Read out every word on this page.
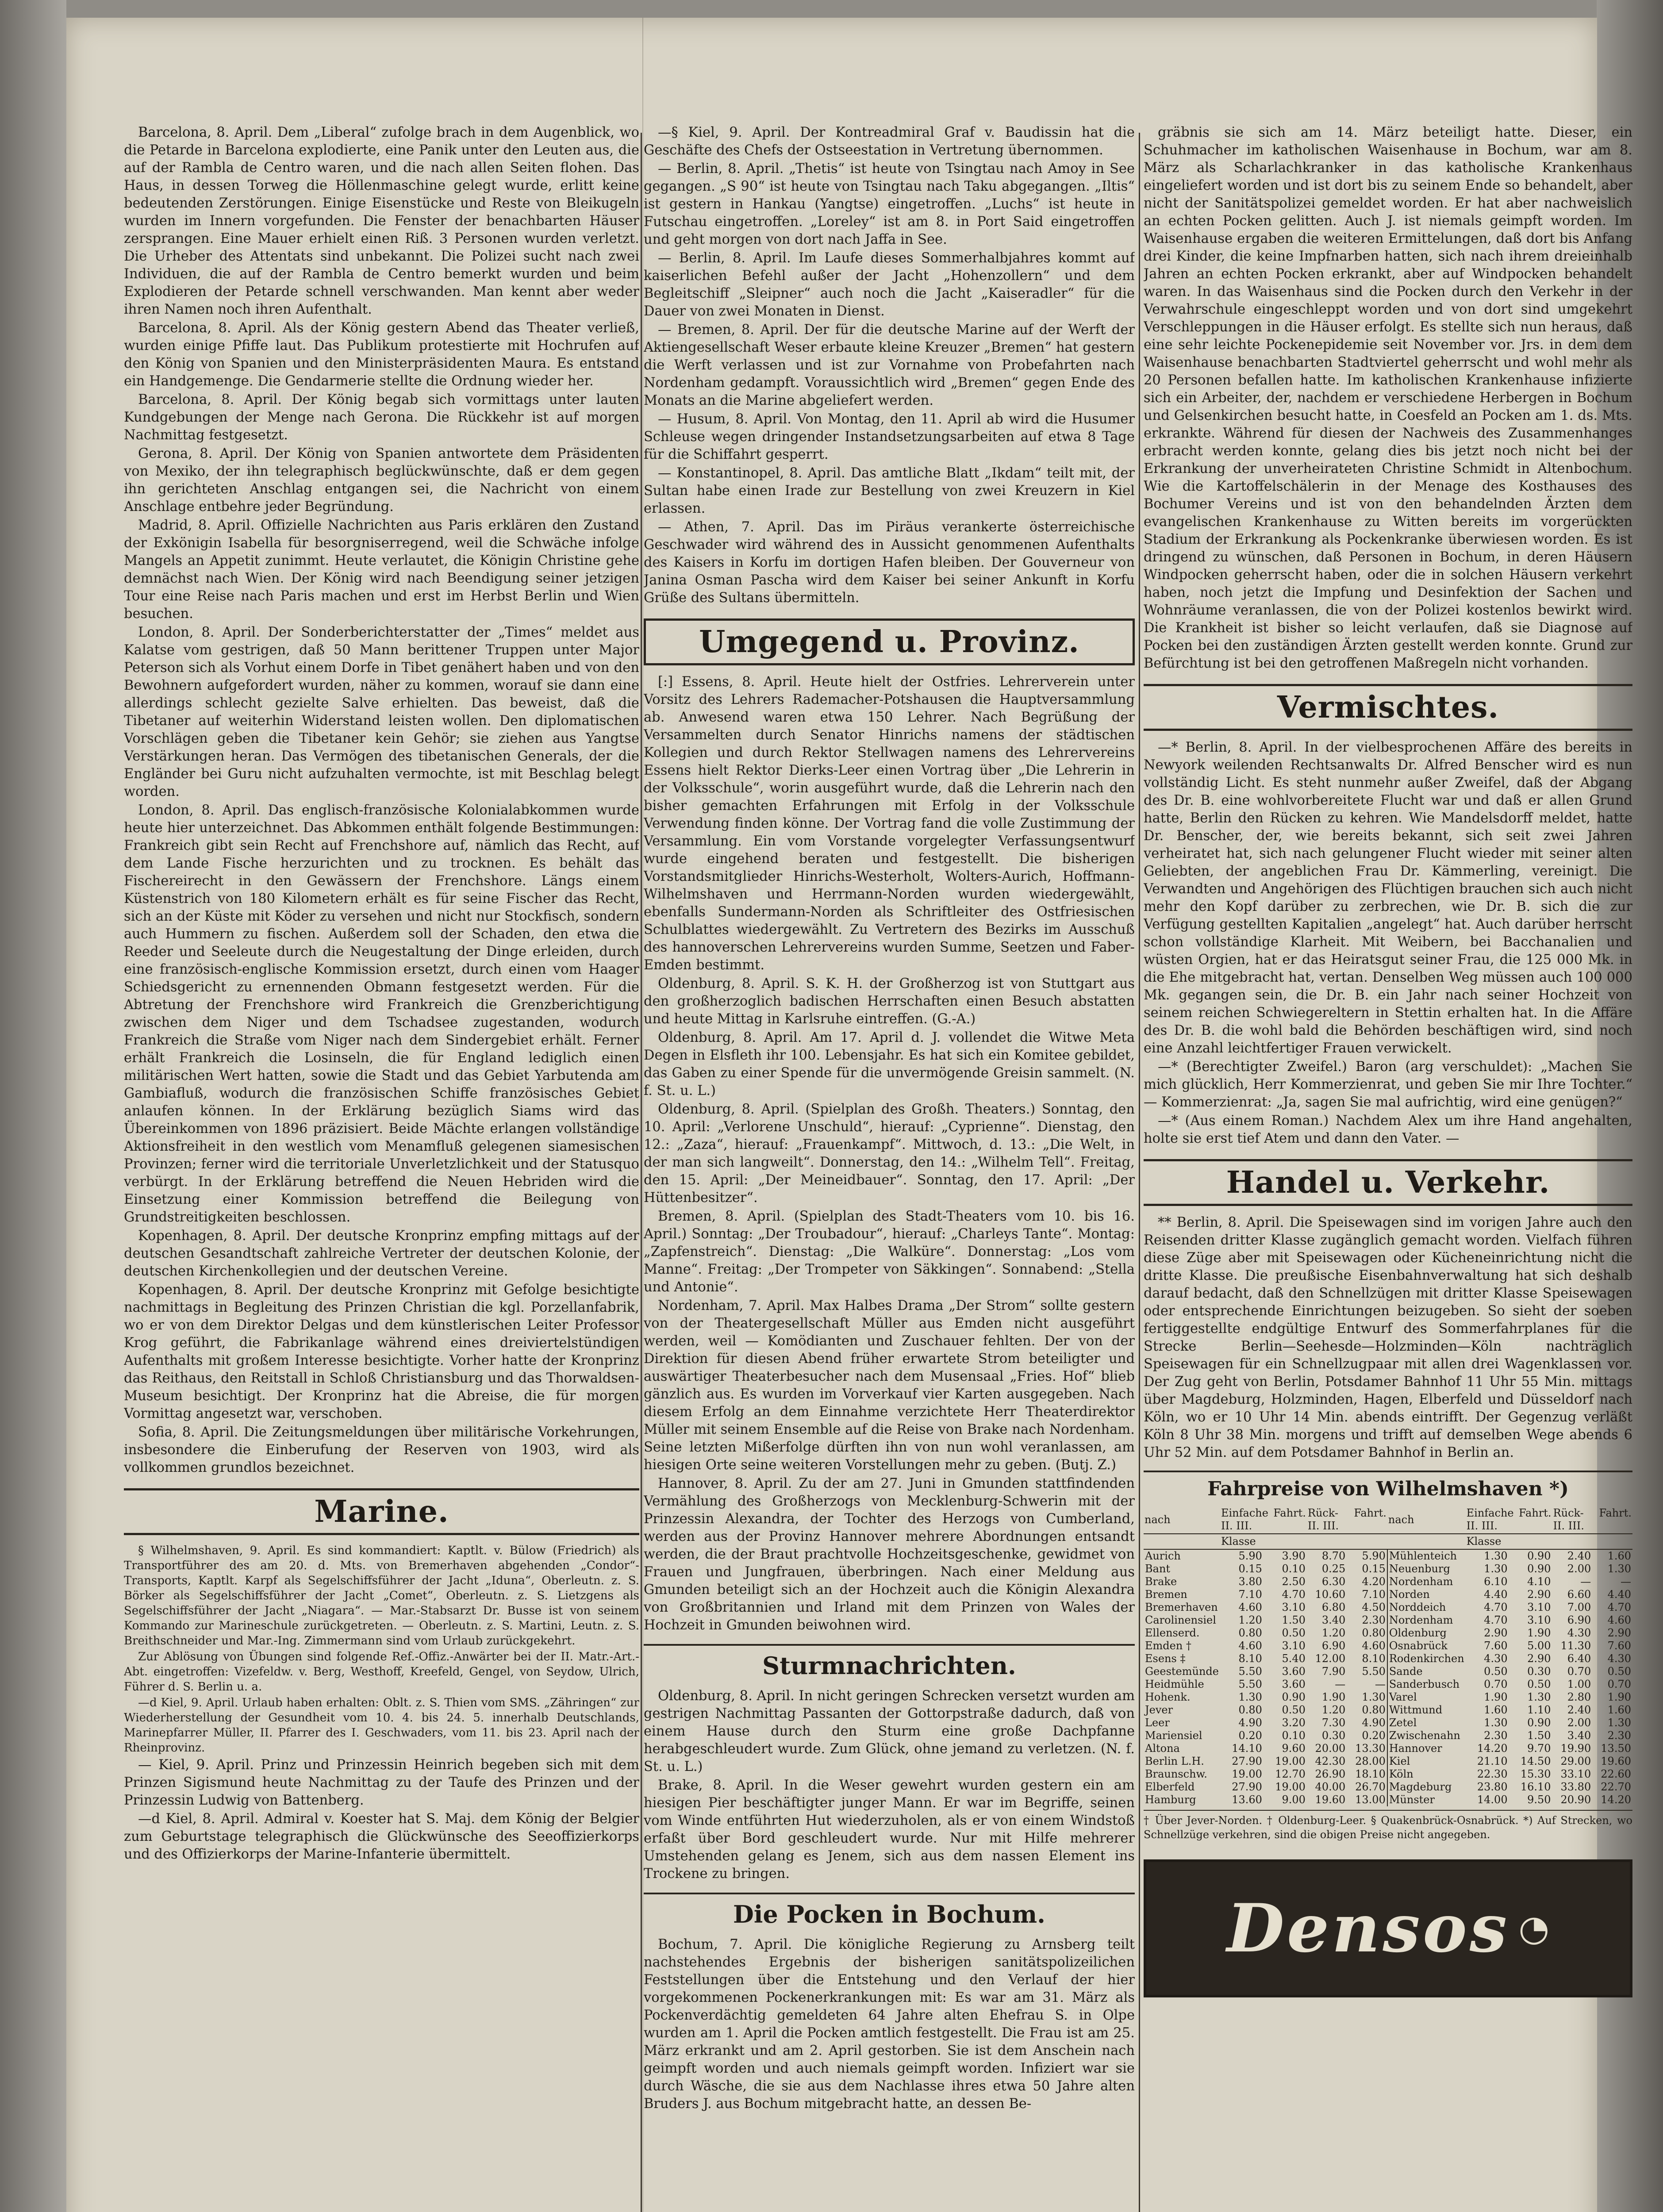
Barcelona, 8. April. Dem „Liberal“ zufolge brach in dem Augenblick, wo die Petarde in Barcelona explodierte, eine Panik unter den Leuten aus, die auf der Rambla de Centro waren, und die nach allen Seiten flohen. Das Haus, in dessen Torweg die Höllenmaschine gelegt wurde, erlitt keine bedeutenden Zerstörungen. Einige Eisenstücke und Reste von Bleikugeln wurden im Innern vorgefunden. Die Fenster der benachbarten Häuser zersprangen. Eine Mauer erhielt einen Riß. 3 Personen wurden verletzt. Die Urheber des Attentats sind unbekannt. Die Polizei sucht nach zwei Individuen, die auf der Rambla de Centro bemerkt wurden und beim Explodieren der Petarde schnell verschwanden. Man kennt aber weder ihren Namen noch ihren Aufenthalt.

Barcelona, 8. April. Als der König gestern Abend das Theater verließ, wurden einige Pfiffe laut. Das Publikum protestierte mit Hochrufen auf den König von Spanien und den Ministerpräsidenten Maura. Es entstand ein Handgemenge. Die Gendarmerie stellte die Ordnung wieder her.

Barcelona, 8. April. Der König begab sich vormittags unter lauten Kundgebungen der Menge nach Gerona. Die Rückkehr ist auf morgen Nachmittag festgesetzt.

Gerona, 8. April. Der König von Spanien antwortete dem Präsidenten von Mexiko, der ihn telegraphisch beglückwünschte, daß er dem gegen ihn gerichteten Anschlag entgangen sei, die Nachricht von einem Anschlage entbehre jeder Begründung.

Madrid, 8. April. Offizielle Nachrichten aus Paris erklären den Zustand der Exkönigin Isabella für besorgniserregend, weil die Schwäche infolge Mangels an Appetit zunimmt. Heute verlautet, die Königin Christine gehe demnächst nach Wien. Der König wird nach Beendigung seiner jetzigen Tour eine Reise nach Paris machen und erst im Herbst Berlin und Wien besuchen.

London, 8. April. Der Sonderberichterstatter der „Times“ meldet aus Kalatse vom gestrigen, daß 50 Mann berittener Truppen unter Major Peterson sich als Vorhut einem Dorfe in Tibet genähert haben und von den Bewohnern aufgefordert wurden, näher zu kommen, worauf sie dann eine allerdings schlecht gezielte Salve erhielten. Das beweist, daß die Tibetaner auf weiterhin Widerstand leisten wollen. Den diplomatischen Vorschlägen geben die Tibetaner kein Gehör; sie ziehen aus Yangtse Verstärkungen heran. Das Vermögen des tibetanischen Generals, der die Engländer bei Guru nicht aufzuhalten vermochte, ist mit Beschlag belegt worden.

London, 8. April. Das englisch-französische Kolonialabkommen wurde heute hier unterzeichnet. Das Abkommen enthält folgende Bestimmungen: Frankreich gibt sein Recht auf Frenchshore auf, nämlich das Recht, auf dem Lande Fische herzurichten und zu trocknen. Es behält das Fischereirecht in den Gewässern der Frenchshore. Längs einem Küstenstrich von 180 Kilometern erhält es für seine Fischer das Recht, sich an der Küste mit Köder zu versehen und nicht nur Stockfisch, sondern auch Hummern zu fischen. Außerdem soll der Schaden, den etwa die Reeder und Seeleute durch die Neugestaltung der Dinge erleiden, durch eine französisch-englische Kommission ersetzt, durch einen vom Haager Schiedsgericht zu ernennenden Obmann festgesetzt werden. Für die Abtretung der Frenchshore wird Frankreich die Grenzberichtigung zwischen dem Niger und dem Tschadsee zugestanden, wodurch Frankreich die Straße vom Niger nach dem Sindergebiet erhält. Ferner erhält Frankreich die Losinseln, die für England lediglich einen militärischen Wert hatten, sowie die Stadt und das Gebiet Yarbutenda am Gambiafluß, wodurch die französischen Schiffe französisches Gebiet anlaufen können. In der Erklärung bezüglich Siams wird das Übereinkommen von 1896 präzisiert. Beide Mächte erlangen vollständige Aktionsfreiheit in den westlich vom Menamfluß gelegenen siamesischen Provinzen; ferner wird die territoriale Unverletzlichkeit und der Statusquo verbürgt. In der Erklärung betreffend die Neuen Hebriden wird die Einsetzung einer Kommission betreffend die Beilegung von Grundstreitigkeiten beschlossen.

Kopenhagen, 8. April. Der deutsche Kronprinz empfing mittags auf der deutschen Gesandtschaft zahlreiche Vertreter der deutschen Kolonie, der deutschen Kirchenkollegien und der deutschen Vereine.

Kopenhagen, 8. April. Der deutsche Kronprinz mit Gefolge besichtigte nachmittags in Begleitung des Prinzen Christian die kgl. Porzellanfabrik, wo er von dem Direktor Delgas und dem künstlerischen Leiter Professor Krog geführt, die Fabrikanlage während eines dreiviertelstündigen Aufenthalts mit großem Interesse besichtigte. Vorher hatte der Kronprinz das Reithaus, den Reitstall in Schloß Christiansburg und das Thorwaldsen-Museum besichtigt. Der Kronprinz hat die Abreise, die für morgen Vormittag angesetzt war, verschoben.

Sofia, 8. April. Die Zeitungsmeldungen über militärische Vorkehrungen, insbesondere die Einberufung der Reserven von 1903, wird als vollkommen grundlos bezeichnet.

Marine.

§ Wilhelmshaven, 9. April. Es sind kommandiert: Kaptlt. v. Bülow (Friedrich) als Transportführer des am 20. d. Mts. von Bremerhaven abgehenden „Condor“-Transports, Kaptlt. Karpf als Segelschiffsführer der Jacht „Iduna“, Oberleutn. z. S. Börker als Segelschiffsführer der Jacht „Comet“, Oberleutn. z. S. Lietzgens als Segelschiffsführer der Jacht „Niagara“. — Mar.-Stabsarzt Dr. Busse ist von seinem Kommando zur Marineschule zurückgetreten. — Oberleutn. z. S. Martini, Leutn. z. S. Breithschneider und Mar.-Ing. Zimmermann sind vom Urlaub zurückgekehrt.

Zur Ablösung von Übungen sind folgende Ref.-Offiz.-Anwärter bei der II. Matr.-Art.-Abt. eingetroffen: Vizefeldw. v. Berg, Westhoff, Kreefeld, Gengel, von Seydow, Ulrich, Führer d. S. Berlin u. a.

—d Kiel, 9. April. Urlaub haben erhalten: Oblt. z. S. Thien vom SMS. „Zähringen“ zur Wiederherstellung der Gesundheit vom 10. 4. bis 24. 5. innerhalb Deutschlands, Marinepfarrer Müller, II. Pfarrer des I. Geschwaders, vom 11. bis 23. April nach der Rheinprovinz.

— Kiel, 9. April. Prinz und Prinzessin Heinrich begeben sich mit dem Prinzen Sigismund heute Nachmittag zu der Taufe des Prinzen und der Prinzessin Ludwig von Battenberg.

—d Kiel, 8. April. Admiral v. Koester hat S. Maj. dem König der Belgier zum Geburtstage telegraphisch die Glückwünsche des Seeoffizierkorps und des Offizierkorps der Marine-Infanterie übermittelt.

—§ Kiel, 9. April. Der Kontreadmiral Graf v. Baudissin hat die Geschäfte des Chefs der Ostseestation in Vertretung übernommen.

— Berlin, 8. April. „Thetis“ ist heute von Tsingtau nach Amoy in See gegangen. „S 90“ ist heute von Tsingtau nach Taku abgegangen. „Iltis“ ist gestern in Hankau (Yangtse) eingetroffen. „Luchs“ ist heute in Futschau eingetroffen. „Loreley“ ist am 8. in Port Said eingetroffen und geht morgen von dort nach Jaffa in See.

— Berlin, 8. April. Im Laufe dieses Sommerhalbjahres kommt auf kaiserlichen Befehl außer der Jacht „Hohenzollern“ und dem Begleitschiff „Sleipner“ auch noch die Jacht „Kaiseradler“ für die Dauer von zwei Monaten in Dienst.

— Bremen, 8. April. Der für die deutsche Marine auf der Werft der Aktiengesellschaft Weser erbaute kleine Kreuzer „Bremen“ hat gestern die Werft verlassen und ist zur Vornahme von Probefahrten nach Nordenham gedampft. Voraussichtlich wird „Bremen“ gegen Ende des Monats an die Marine abgeliefert werden.

— Husum, 8. April. Von Montag, den 11. April ab wird die Husumer Schleuse wegen dringender Instandsetzungsarbeiten auf etwa 8 Tage für die Schiffahrt gesperrt.

— Konstantinopel, 8. April. Das amtliche Blatt „Ikdam“ teilt mit, der Sultan habe einen Irade zur Bestellung von zwei Kreuzern in Kiel erlassen.

— Athen, 7. April. Das im Piräus verankerte österreichische Geschwader wird während des in Aussicht genommenen Aufenthalts des Kaisers in Korfu im dortigen Hafen bleiben. Der Gouverneur von Janina Osman Pascha wird dem Kaiser bei seiner Ankunft in Korfu Grüße des Sultans übermitteln.

Umgegend u. Provinz.

[:] Essens, 8. April. Heute hielt der Ostfries. Lehrerverein unter Vorsitz des Lehrers Rademacher-Potshausen die Hauptversammlung ab. Anwesend waren etwa 150 Lehrer. Nach Begrüßung der Versammelten durch Senator Hinrichs namens der städtischen Kollegien und durch Rektor Stellwagen namens des Lehrervereins Essens hielt Rektor Dierks-Leer einen Vortrag über „Die Lehrerin in der Volksschule“, worin ausgeführt wurde, daß die Lehrerin nach den bisher gemachten Erfahrungen mit Erfolg in der Volksschule Verwendung finden könne. Der Vortrag fand die volle Zustimmung der Versammlung. Ein vom Vorstande vorgelegter Verfassungsentwurf wurde eingehend beraten und festgestellt. Die bisherigen Vorstandsmitglieder Hinrichs-Westerholt, Wolters-Aurich, Hoffmann-Wilhelmshaven und Herrmann-Norden wurden wiedergewählt, ebenfalls Sundermann-Norden als Schriftleiter des Ostfriesischen Schulblattes wiedergewählt. Zu Vertretern des Bezirks im Ausschuß des hannoverschen Lehrervereins wurden Summe, Seetzen und Faber-Emden bestimmt.

Oldenburg, 8. April. S. K. H. der Großherzog ist von Stuttgart aus den großherzoglich badischen Herrschaften einen Besuch abstatten und heute Mittag in Karlsruhe eintreffen. (G.-A.)

Oldenburg, 8. April. Am 17. April d. J. vollendet die Witwe Meta Degen in Elsfleth ihr 100. Lebensjahr. Es hat sich ein Komitee gebildet, das Gaben zu einer Spende für die unvermögende Greisin sammelt. (N. f. St. u. L.)

Oldenburg, 8. April. (Spielplan des Großh. Theaters.) Sonntag, den 10. April: „Verlorene Unschuld“, hierauf: „Cyprienne“. Dienstag, den 12.: „Zaza“, hierauf: „Frauenkampf“. Mittwoch, d. 13.: „Die Welt, in der man sich langweilt“. Donnerstag, den 14.: „Wilhelm Tell“. Freitag, den 15. April: „Der Meineidbauer“. Sonntag, den 17. April: „Der Hüttenbesitzer“.

Bremen, 8. April. (Spielplan des Stadt-Theaters vom 10. bis 16. April.) Sonntag: „Der Troubadour“, hierauf: „Charleys Tante“. Montag: „Zapfenstreich“. Dienstag: „Die Walküre“. Donnerstag: „Los vom Manne“. Freitag: „Der Trompeter von Säkkingen“. Sonnabend: „Stella und Antonie“.

Nordenham, 7. April. Max Halbes Drama „Der Strom“ sollte gestern von der Theatergesellschaft Müller aus Emden nicht ausgeführt werden, weil — Komödianten und Zuschauer fehlten. Der von der Direktion für diesen Abend früher erwartete Strom beteiligter und auswärtiger Theaterbesucher nach dem Musensaal „Fries. Hof“ blieb gänzlich aus. Es wurden im Vorverkauf vier Karten ausgegeben. Nach diesem Erfolg an dem Einnahme verzichtete Herr Theaterdirektor Müller mit seinem Ensemble auf die Reise von Brake nach Nordenham. Seine letzten Mißerfolge dürften ihn von nun wohl veranlassen, am hiesigen Orte seine weiteren Vorstellungen mehr zu geben. (Butj. Z.)

Hannover, 8. April. Zu der am 27. Juni in Gmunden stattfindenden Vermählung des Großherzogs von Mecklenburg-Schwerin mit der Prinzessin Alexandra, der Tochter des Herzogs von Cumberland, werden aus der Provinz Hannover mehrere Abordnungen entsandt werden, die der Braut prachtvolle Hochzeitsgeschenke, gewidmet von Frauen und Jungfrauen, überbringen. Nach einer Meldung aus Gmunden beteiligt sich an der Hochzeit auch die Königin Alexandra von Großbritannien und Irland mit dem Prinzen von Wales der Hochzeit in Gmunden beiwohnen wird.

Sturmnachrichten.

Oldenburg, 8. April. In nicht geringen Schrecken versetzt wurden am gestrigen Nachmittag Passanten der Gottorpstraße dadurch, daß von einem Hause durch den Sturm eine große Dachpfanne herabgeschleudert wurde. Zum Glück, ohne jemand zu verletzen. (N. f. St. u. L.)

Brake, 8. April. In die Weser gewehrt wurden gestern ein am hiesigen Pier beschäftigter junger Mann. Er war im Begriffe, seinen vom Winde entführten Hut wiederzuholen, als er von einem Windstoß erfaßt über Bord geschleudert wurde. Nur mit Hilfe mehrerer Umstehenden gelang es Jenem, sich aus dem nassen Element ins Trockene zu bringen.

Die Pocken in Bochum.

Bochum, 7. April. Die königliche Regierung zu Arnsberg teilt nachstehendes Ergebnis der bisherigen sanitätspolizeilichen Feststellungen über die Entstehung und den Verlauf der hier vorgekommenen Pockenerkrankungen mit: Es war am 31. März als Pockenverdächtig gemeldeten 64 Jahre alten Ehefrau S. in Olpe wurden am 1. April die Pocken amtlich festgestellt. Die Frau ist am 25. März erkrankt und am 2. April gestorben. Sie ist dem Anschein nach geimpft worden und auch niemals geimpft worden. Infiziert war sie durch Wäsche, die sie aus dem Nachlasse ihres etwa 50 Jahre alten Bruders J. aus Bochum mitgebracht hatte, an dessen Be-

gräbnis sie sich am 14. März beteiligt hatte. Dieser, ein Schuhmacher im katholischen Waisenhause in Bochum, war am 8. März als Scharlachkranker in das katholische Krankenhaus eingeliefert worden und ist dort bis zu seinem Ende so behandelt, aber nicht der Sanitätspolizei gemeldet worden. Er hat aber nachweislich an echten Pocken gelitten. Auch J. ist niemals geimpft worden. Im Waisenhause ergaben die weiteren Ermittelungen, daß dort bis Anfang drei Kinder, die keine Impfnarben hatten, sich nach ihrem dreieinhalb Jahren an echten Pocken erkrankt, aber auf Windpocken behandelt waren. In das Waisenhaus sind die Pocken durch den Verkehr in der Verwahrschule eingeschleppt worden und von dort sind umgekehrt Verschleppungen in die Häuser erfolgt. Es stellte sich nun heraus, daß eine sehr leichte Pockenepidemie seit November vor. Jrs. in dem dem Waisenhause benachbarten Stadtviertel geherrscht und wohl mehr als 20 Personen befallen hatte. Im katholischen Krankenhause infizierte sich ein Arbeiter, der, nachdem er verschiedene Herbergen in Bochum und Gelsenkirchen besucht hatte, in Coesfeld an Pocken am 1. ds. Mts. erkrankte. Während für diesen der Nachweis des Zusammenhanges erbracht werden konnte, gelang dies bis jetzt noch nicht bei der Erkrankung der unverheirateten Christine Schmidt in Altenbochum. Wie die Kartoffelschälerin in der Menage des Kosthauses des Bochumer Vereins und ist von den behandelnden Ärzten dem evangelischen Krankenhause zu Witten bereits im vorgerückten Stadium der Erkrankung als Pockenkranke überwiesen worden. Es ist dringend zu wünschen, daß Personen in Bochum, in deren Häusern Windpocken geherrscht haben, oder die in solchen Häusern verkehrt haben, noch jetzt die Impfung und Desinfektion der Sachen und Wohnräume veranlassen, die von der Polizei kostenlos bewirkt wird. Die Krankheit ist bisher so leicht verlaufen, daß sie Diagnose auf Pocken bei den zuständigen Ärzten gestellt werden konnte. Grund zur Befürchtung ist bei den getroffenen Maßregeln nicht vorhanden.

Vermischtes.

—* Berlin, 8. April. In der vielbesprochenen Affäre des bereits in Newyork weilenden Rechtsanwalts Dr. Alfred Benscher wird es nun vollständig Licht. Es steht nunmehr außer Zweifel, daß der Abgang des Dr. B. eine wohlvorbereitete Flucht war und daß er allen Grund hatte, Berlin den Rücken zu kehren. Wie Mandelsdorff meldet, hatte Dr. Benscher, der, wie bereits bekannt, sich seit zwei Jahren verheiratet hat, sich nach gelungener Flucht wieder mit seiner alten Geliebten, der angeblichen Frau Dr. Kämmerling, vereinigt. Die Verwandten und Angehörigen des Flüchtigen brauchen sich auch nicht mehr den Kopf darüber zu zerbrechen, wie Dr. B. sich die zur Verfügung gestellten Kapitalien „angelegt“ hat. Auch darüber herrscht schon vollständige Klarheit. Mit Weibern, bei Bacchanalien und wüsten Orgien, hat er das Heiratsgut seiner Frau, die 125 000 Mk. in die Ehe mitgebracht hat, vertan. Denselben Weg müssen auch 100 000 Mk. gegangen sein, die Dr. B. ein Jahr nach seiner Hochzeit von seinem reichen Schwiegereltern in Stettin erhalten hat. In die Affäre des Dr. B. die wohl bald die Behörden beschäftigen wird, sind noch eine Anzahl leichtfertiger Frauen verwickelt.

—* (Berechtigter Zweifel.) Baron (arg verschuldet): „Machen Sie mich glücklich, Herr Kommerzienrat, und geben Sie mir Ihre Tochter.“ — Kommerzienrat: „Ja, sagen Sie mal aufrichtig, wird eine genügen?“

—* (Aus einem Roman.) Nachdem Alex um ihre Hand angehalten, holte sie erst tief Atem und dann den Vater. —

Handel u. Verkehr.

** Berlin, 8. April. Die Speisewagen sind im vorigen Jahre auch den Reisenden dritter Klasse zugänglich gemacht worden. Vielfach führen diese Züge aber mit Speisewagen oder Kücheneinrichtung nicht die dritte Klasse. Die preußische Eisenbahnverwaltung hat sich deshalb darauf bedacht, daß den Schnellzügen mit dritter Klasse Speisewagen oder entsprechende Einrichtungen beizugeben. So sieht der soeben fertiggestellte endgültige Entwurf des Sommerfahrplanes für die Strecke Berlin—Seehesde—Holzminden—Köln nachträglich Speisewagen für ein Schnellzugpaar mit allen drei Wagenklassen vor. Der Zug geht von Berlin, Potsdamer Bahnhof 11 Uhr 55 Min. mittags über Magdeburg, Holzminden, Hagen, Elberfeld und Düsseldorf nach Köln, wo er 10 Uhr 14 Min. abends eintrifft. Der Gegenzug verläßt Köln 8 Uhr 38 Min. morgens und trifft auf demselben Wege abends 6 Uhr 52 Min. auf dem Potsdamer Bahnhof in Berlin an.

Fahrpreise von Wilhelmshaven *)
nach	Einfache Fahrt. II. III.		Rück- Fahrt. II. III.		nach	Einfache Fahrt. II. III.		Rück- Fahrt. II. III.	
	Klasse					Klasse			
Aurich	5.90	3.90	8.70	5.90	Mühlenteich	1.30	0.90	2.40	1.60
Bant	0.15	0.10	0.25	0.15	Neuenburg	1.30	0.90	2.00	1.30
Brake	3.80	2.50	6.30	4.20	Nordenham	6.10	4.10	—	—
Bremen	7.10	4.70	10.60	7.10	Norden	4.40	2.90	6.60	4.40
Bremerhaven	4.60	3.10	6.80	4.50	Norddeich	4.70	3.10	7.00	4.70
Carolinensiel	1.20	1.50	3.40	2.30	Nordenham	4.70	3.10	6.90	4.60
Ellenserd.	0.80	0.50	1.20	0.80	Oldenburg	2.90	1.90	4.30	2.90
Emden †	4.60	3.10	6.90	4.60	Osnabrück	7.60	5.00	11.30	7.60
Esens ‡	8.10	5.40	12.00	8.10	Rodenkirchen	4.30	2.90	6.40	4.30
Geestemünde	5.50	3.60	7.90	5.50	Sande	0.50	0.30	0.70	0.50
Heidmühle	5.50	3.60	—	—	Sanderbusch	0.70	0.50	1.00	0.70
Hohenk.	1.30	0.90	1.90	1.30	Varel	1.90	1.30	2.80	1.90
Jever	0.80	0.50	1.20	0.80	Wittmund	1.60	1.10	2.40	1.60
Leer	4.90	3.20	7.30	4.90	Zetel	1.30	0.90	2.00	1.30
Mariensiel	0.20	0.10	0.30	0.20	Zwischenahn	2.30	1.50	3.40	2.30
Altona	14.10	9.60	20.00	13.30	Hannover	14.20	9.70	19.90	13.50
Berlin L.H.	27.90	19.00	42.30	28.00	Kiel	21.10	14.50	29.00	19.60
Braunschw.	19.00	12.70	26.90	18.10	Köln	22.30	15.30	33.10	22.60
Elberfeld	27.90	19.00	40.00	26.70	Magdeburg	23.80	16.10	33.80	22.70
Hamburg	13.60	9.00	19.60	13.00	Münster	14.00	9.50	20.90	14.20
† Über Jever-Norden. † Oldenburg-Leer. § Quakenbrück-Osnabrück. *) Auf Strecken, wo Schnellzüge verkehren, sind die obigen Preise nicht angegeben.
Densos ◔
